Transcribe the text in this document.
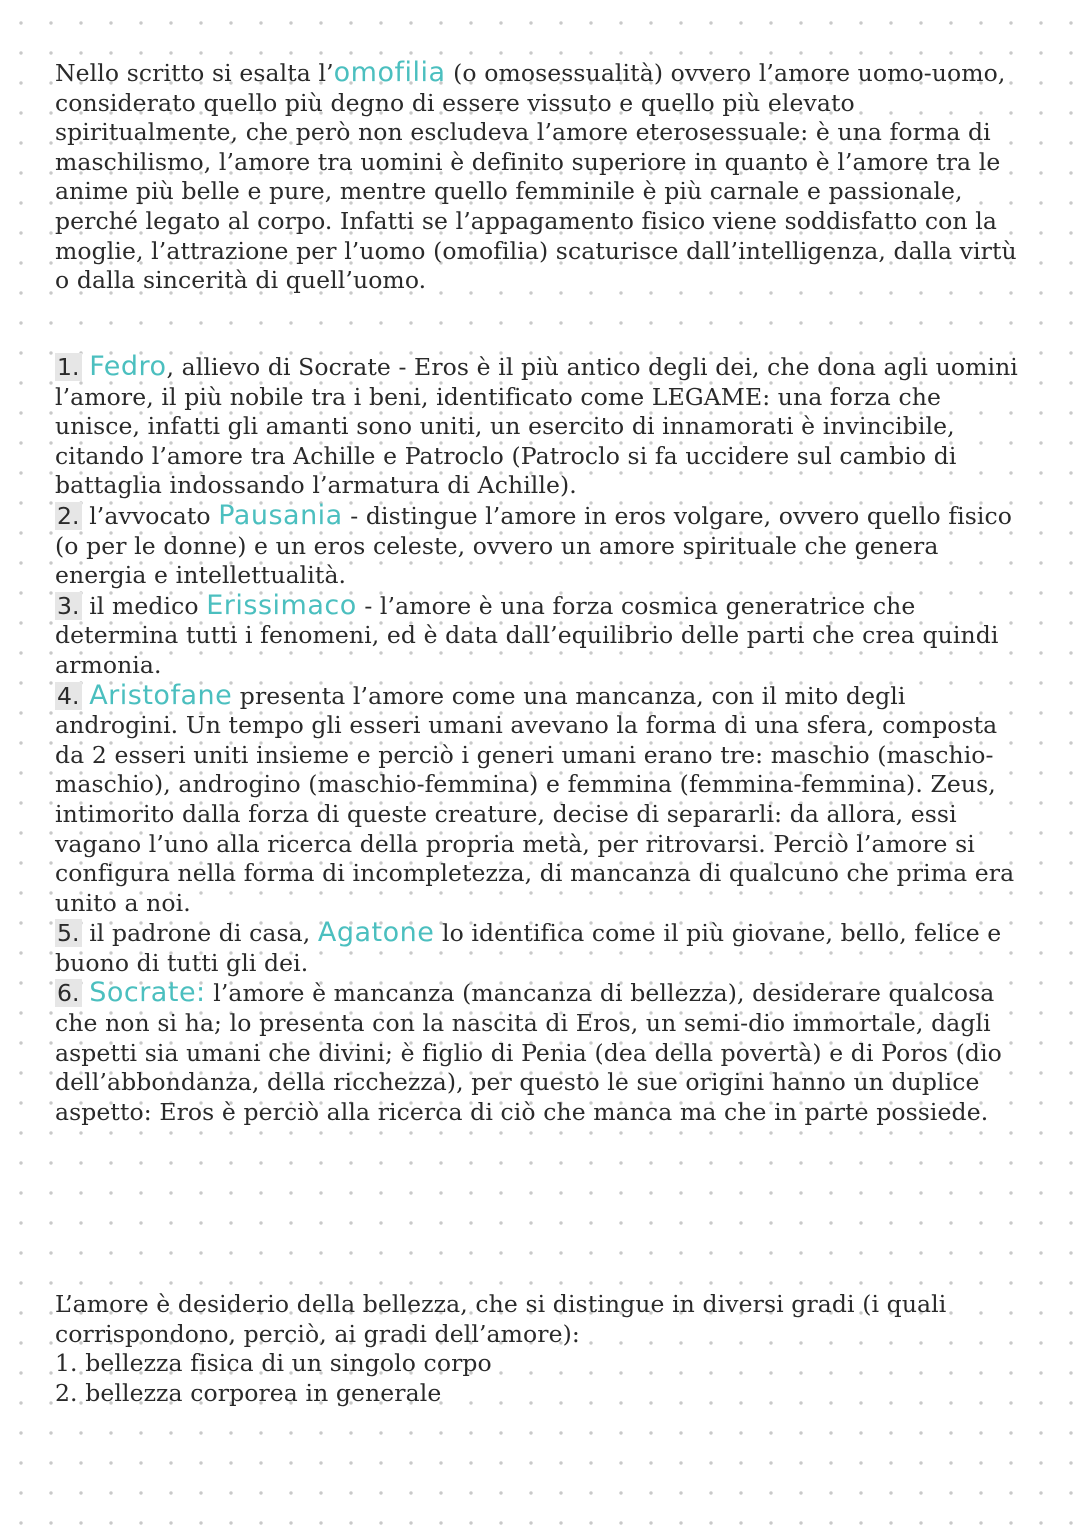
Nello scritto si esalta l’omofilia (o omosessualità) ovvero l’amore uomo-uomo, considerato quello più degno di essere vissuto e quello più elevato spiritualmente, che però non escludeva l’amore eterosessuale: è una forma di maschilismo, l’amore tra uomini è definito superiore in quanto è l’amore tra le anime più belle e pure, mentre quello femminile è più carnale e passionale, perché legato al corpo. Infatti se l’appagamento fisico viene soddisfatto con la moglie, l’attrazione per l’uomo (omofilia) scaturisce dall’intelligenza, dalla virtù o dalla sincerità di quell’uomo.
1. Fedro, allievo di Socrate - Eros è il più antico degli dei, che dona agli uomini l’amore, il più nobile tra i beni, identificato come LEGAME: una forza che unisce, infatti gli amanti sono uniti, un esercito di innamorati è invincibile, citando l’amore tra Achille e Patroclo (Patroclo si fa uccidere sul cambio di battaglia indossando l’armatura di Achille).
2. l’avvocato Pausania - distingue l’amore in eros volgare, ovvero quello fisico (o per le donne) e un eros celeste, ovvero un amore spirituale che genera energia e intellettualità.
3. il medico Erissimaco - l’amore è una forza cosmica generatrice che determina tutti i fenomeni, ed è data dall’equilibrio delle parti che crea quindi armonia.
4. Aristofane presenta l’amore come una mancanza, con il mito degli androgini. Un tempo gli esseri umani avevano la forma di una sfera, composta da 2 esseri uniti insieme e perciò i generi umani erano tre: maschio (maschio-maschio), androgino (maschio-femmina) e femmina (femmina-femmina). Zeus, intimorito dalla forza di queste creature, decise di separarli: da allora, essi vagano l’uno alla ricerca della propria metà, per ritrovarsi. Perciò l’amore si configura nella forma di incompletezza, di mancanza di qualcuno che prima era unito a noi.
5. il padrone di casa, Agatone lo identifica come il più giovane, bello, felice e buono di tutti gli dei.
6. Socrate: l’amore è mancanza (mancanza di bellezza), desiderare qualcosa che non si ha; lo presenta con la nascita di Eros, un semi-dio immortale, dagli aspetti sia umani che divini; è figlio di Penia (dea della povertà) e di Poros (dio dell’abbondanza, della ricchezza), per questo le sue origini hanno un duplice aspetto: Eros è perciò alla ricerca di ciò che manca ma che in parte possiede.
L’amore è desiderio della bellezza, che si distingue in diversi gradi (i quali corrispondono, perciò, ai gradi dell’amore):
1. bellezza fisica di un singolo corpo
2. bellezza corporea in generale
